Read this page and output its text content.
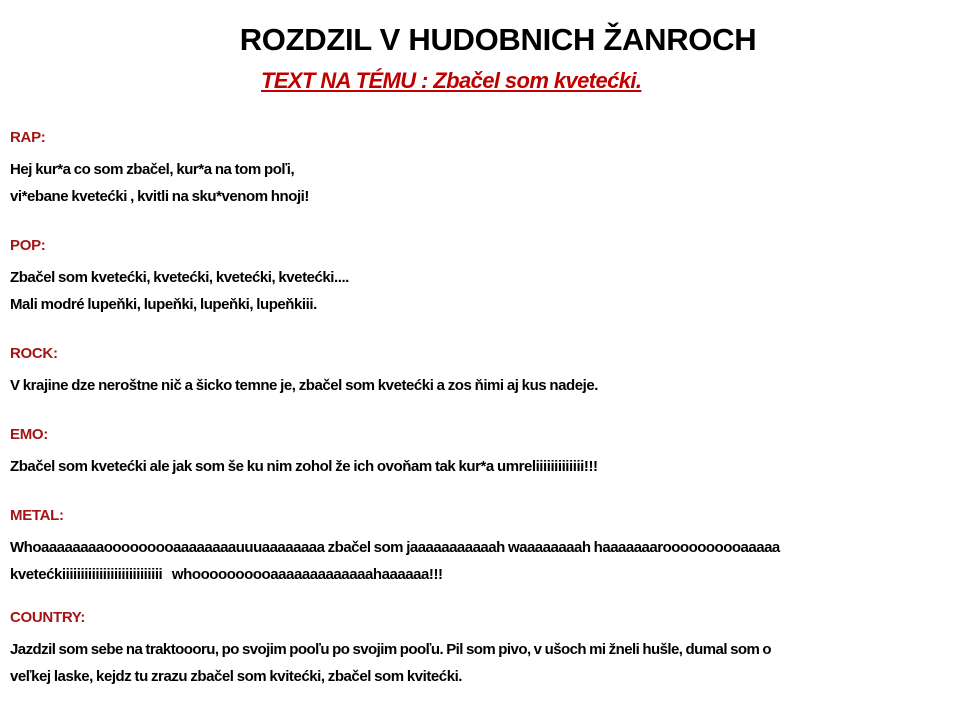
ROZDZIL V HUDOBNICH ŽANROCH
TEXT NA TÉMU : Zbačel som kvetećki.

RAP:

Hej kur*a co som zbačel, kur*a na tom poľi,

vi*ebane kvetećki , kvitli na sku*venom hnoji!

POP:

Zbačel som kvetećki, kvetećki, kvetećki, kvetećki....

Mali modré lupeňki, lupeňki, lupeňki, lupeňkiii.

ROCK:

V krajine dze neroštne nič a šicko temne je, zbačel som kvetećki a zos ňimi aj kus nadeje.

EMO:

Zbačel som kvetećki ale jak som še ku nim zohol že ich ovoňam tak kur*a umreliiiiiiiiiiiii!!!

METAL:

Whoaaaaaaaaooooooooaaaaaaaauuuaaaaaaaa zbačel som jaaaaaaaaaaah waaaaaaaah haaaaaaaroooooooooaaaaa

kvetećkiiiiiiiiiiiiiiiiiiiiiiiiiii   whoooooooooaaaaaaaaaaaaahaaaaaa!!!

COUNTRY:

Jazdzil som sebe na traktoooru, po svojim pooľu po svojim pooľu. Pil som pivo, v ušoch mi žneli hušle, dumal som o

veľkej laske, kejdz tu zrazu zbačel som kvitećki, zbačel som kvitećki.
